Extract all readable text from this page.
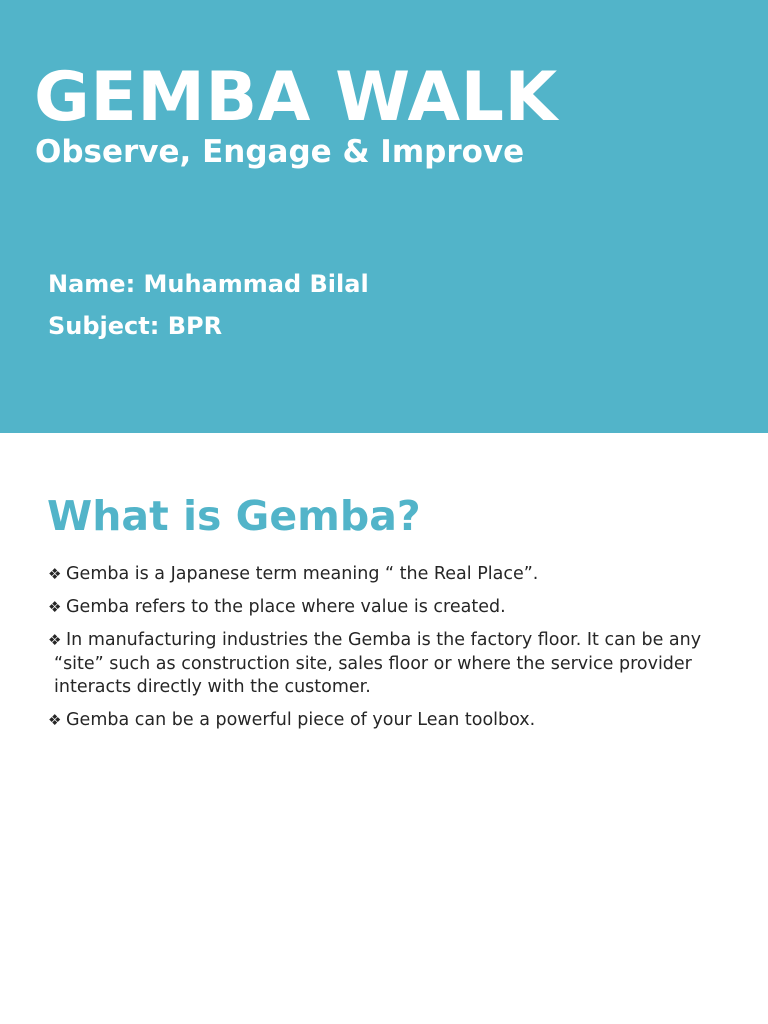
GEMBA WALK
Observe, Engage & Improve

Name: Muhammad Bilal

Subject: BPR

What is Gemba?
❖ Gemba is a Japanese term meaning “ the Real Place”.
❖ Gemba refers to the place where value is created.
❖ In manufacturing industries the Gemba is the factory floor. It can be any “site” such as construction site, sales floor or where the service provider interacts directly with the customer.
❖ Gemba can be a powerful piece of your Lean toolbox.
